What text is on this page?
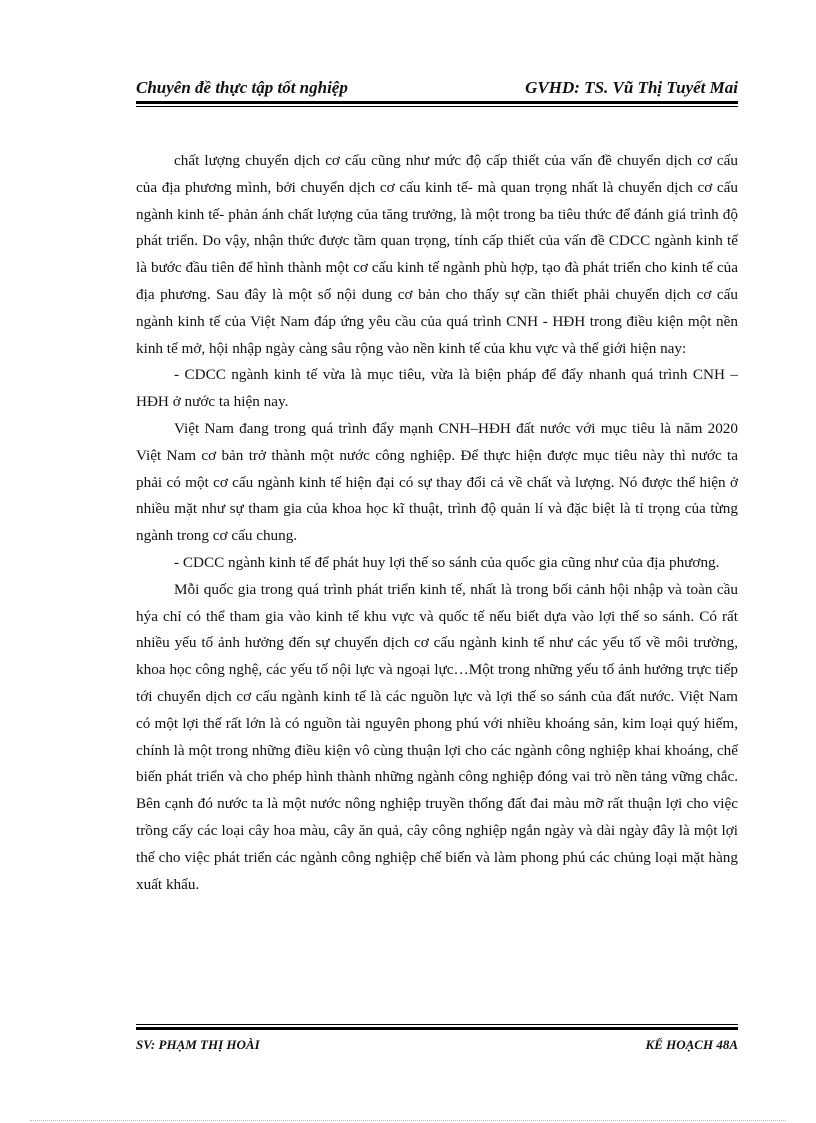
Chuyên đề thực tập tốt nghiệp	GVHD: TS. Vũ Thị Tuyết Mai

chất lượng chuyển dịch cơ cấu cũng như mức độ cấp thiết của vấn đề chuyển dịch cơ cấu của địa phương mình, bởi chuyển dịch cơ cấu kinh tế- mà quan trọng nhất là chuyển dịch cơ cấu ngành kinh tế- phản ánh chất lượng của tăng trưởng, là một trong ba tiêu thức để đánh giá trình độ phát triển. Do vậy, nhận thức được tầm quan trọng, tính cấp thiết của vấn đề CDCC ngành kinh tế là bước đầu tiên để hình thành một cơ cấu kinh tế ngành phù hợp, tạo đà phát triển cho kinh tế của địa phương. Sau đây là một số nội dung cơ bản cho thấy sự cần thiết phải chuyển dịch cơ cấu ngành kinh tế của Việt Nam đáp ứng yêu cầu của quá trình CNH - HĐH trong điều kiện một nền kinh tế mở, hội nhập ngày càng sâu rộng vào nền kinh tế của khu vực và thế giới hiện nay:

- CDCC ngành kinh tế vừa là mục tiêu, vừa là biện pháp để đẩy nhanh quá trình CNH –HĐH ở nước ta hiện nay.

Việt Nam đang trong quá trình đẩy mạnh CNH–HĐH đất nước với mục tiêu là năm 2020 Việt Nam cơ bản trở thành một nước công nghiệp. Để thực hiện được mục tiêu này thì nước ta phải có một cơ cấu ngành kinh tế hiện đại có sự thay đổi cả về chất và lượng. Nó được thể hiện ở nhiều mặt như sự tham gia của khoa học kĩ thuật, trình độ quản lí và đặc biệt là tỉ trọng của từng ngành trong cơ cấu chung.

- CDCC ngành kinh tế để phát huy lợi thế so sánh của quốc gia cũng như của địa phương.

Mỗi quốc gia trong quá trình phát triển kinh tế, nhất là trong bối cảnh hội nhập và toàn cầu hýa chỉ có thể tham gia vào kinh tế khu vực và quốc tế nếu biết dựa vào lợi thế so sánh. Có rất nhiều yếu tố ảnh hưởng đến sự chuyển dịch cơ cấu ngành kinh tế như các yếu tố về môi trường, khoa học công nghệ, các yếu tố nội lực và ngoại lực…Một trong những yếu tố ảnh hưởng trực tiếp tới chuyển dịch cơ cấu ngành kinh tế là các nguồn lực và lợi thế so sánh của đất nước. Việt Nam có một lợi thế rất lớn là có nguồn tài nguyên phong phú với nhiều khoáng sản, kim loại quý hiếm, chính là một trong những điều kiện vô cùng thuận lợi cho các ngành công nghiệp khai khoáng, chế biến phát triển và cho phép hình thành những ngành công nghiệp đóng vai trò nền tảng vững chắc. Bên cạnh đó nước ta là một nước nông nghiệp truyền thống đất đai màu mỡ rất thuận lợi cho việc trồng cấy các loại cây hoa màu, cây ăn quả, cây công nghiệp ngắn ngày và dài ngày đây là một lợi thế cho việc phát triển các ngành công nghiệp chế biến và làm phong phú các chủng loại mặt hàng xuất khẩu.

SV: PHẠM THỊ HOÀI	KẾ HOẠCH 48A
